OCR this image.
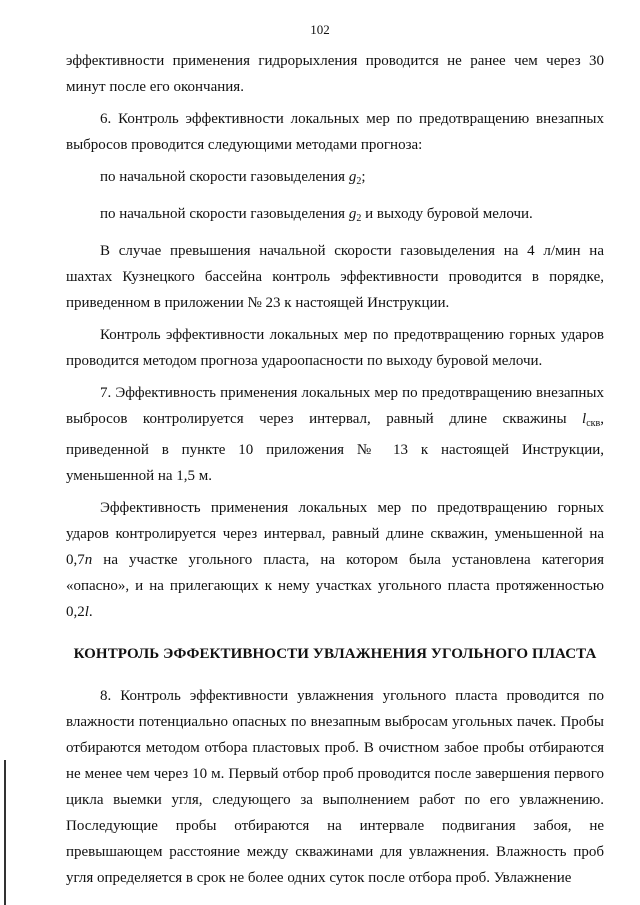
102

эффективности применения гидрорыхления проводится не ранее чем через 30 минут после его окончания.

6. Контроль эффективности локальных мер по предотвращению внезапных выбросов проводится следующими методами прогноза:

по начальной скорости газовыделения $g_2$;

по начальной скорости газовыделения $g_2$ и выходу буровой мелочи.

В случае превышения начальной скорости газовыделения на 4 л/мин на шахтах Кузнецкого бассейна контроль эффективности проводится в порядке, приведенном в приложении № 23 к настоящей Инструкции.

Контроль эффективности локальных мер по предотвращению горных ударов проводится методом прогноза удароопасности по выходу буровой мелочи.

7. Эффективность применения локальных мер по предотвращению внезапных выбросов контролируется через интервал, равный длине скважины $l_{скв}$, приведенной в пункте 10 приложения № 13 к настоящей Инструкции, уменьшенной на 1,5 м.

Эффективность применения локальных мер по предотвращению горных ударов контролируется через интервал, равный длине скважин, уменьшенной на 0,7n на участке угольного пласта, на котором была установлена категория «опасно», и на прилегающих к нему участках угольного пласта протяженностью 0,2l.

КОНТРОЛЬ ЭФФЕКТИВНОСТИ УВЛАЖНЕНИЯ УГОЛЬНОГО ПЛАСТА

8. Контроль эффективности увлажнения угольного пласта проводится по влажности потенциально опасных по внезапным выбросам угольных пачек. Пробы отбираются методом отбора пластовых проб. В очистном забое пробы отбираются не менее чем через 10 м. Первый отбор проб проводится после завершения первого цикла выемки угля, следующего за выполнением работ по его увлажнению. Последующие пробы отбираются на интервале подвигания забоя, не превышающем расстояние между скважинами для увлажнения. Влажность проб угля определяется в срок не более одних суток после отбора проб. Увлажнение
